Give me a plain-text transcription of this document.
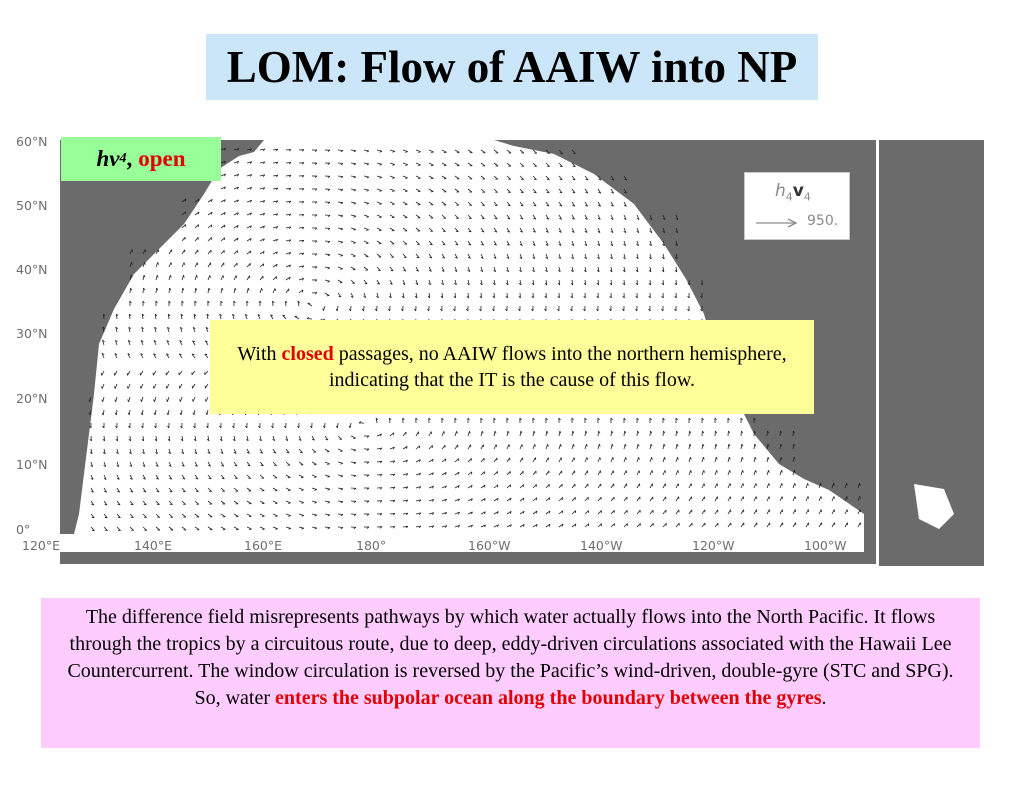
LOM: Flow of AAIW into NP
60°N
50°N
40°N
30°N
20°N
10°N
0°
120°E	140°E	160°E	180°	160°W	140°W	120°W	100°W
hv 4 , open
$h_4v_4$
950.
With closed passages, no AAIW flows into the northern hemisphere, indicating that the IT is the cause of this flow.
The difference field misrepresents pathways by which water actually flows into the North Pacific. It flows through the tropics by a circuitous route, due to deep, eddy-driven circulations associated with the Hawaii Lee Countercurrent. The window circulation is reversed by the Pacific’s wind-driven, double-gyre (STC and SPG). So, water enters the subpolar ocean along the boundary between the gyres.
